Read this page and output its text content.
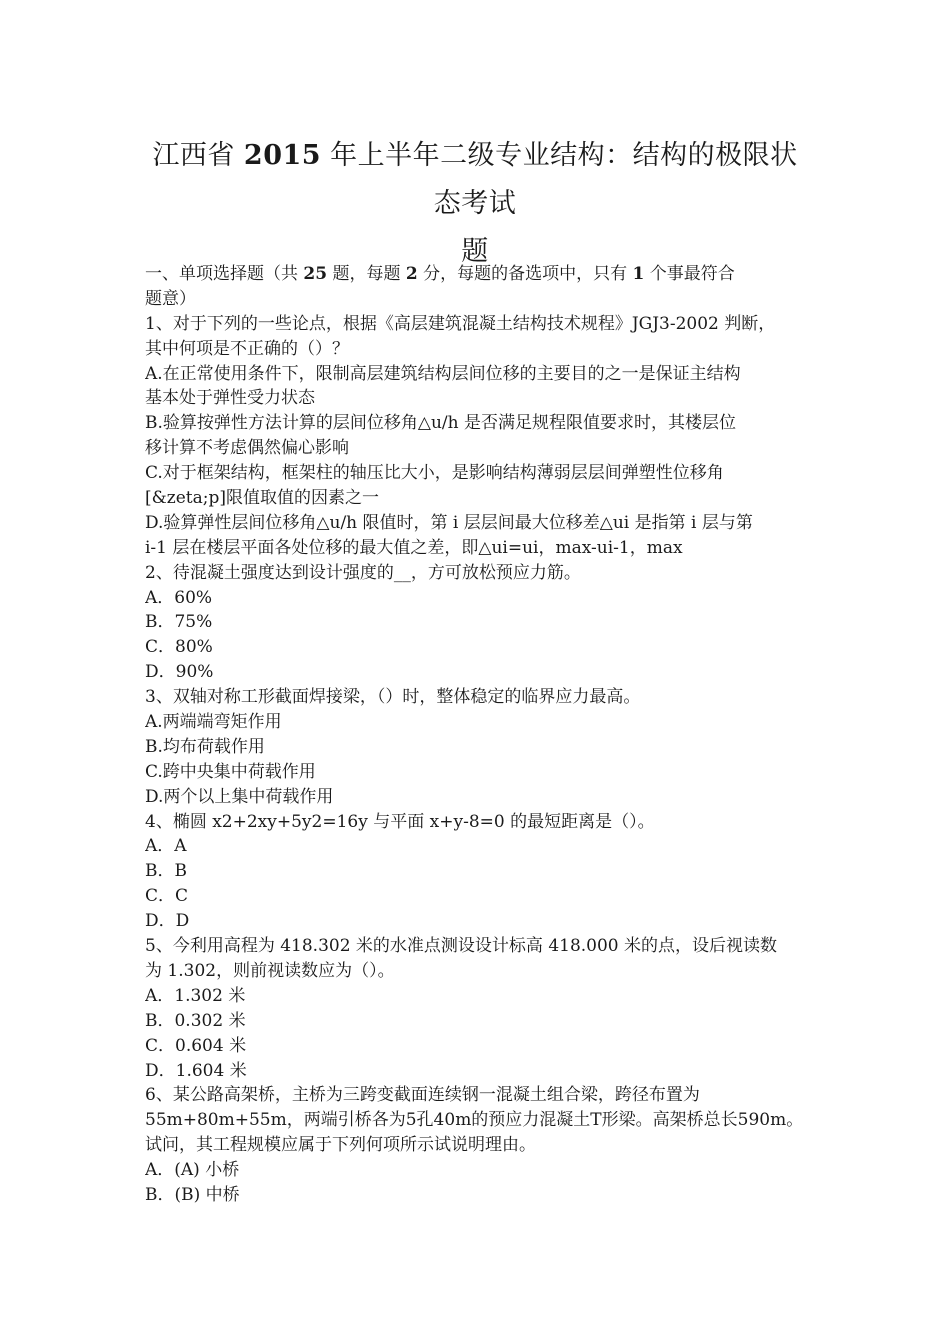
江西省 2015 年上半年二级专业结构：结构的极限状态考试
题
一、单项选择题（共 25 题，每题 2 分，每题的备选项中，只有 1 个事最符合
题意）
1、对于下列的一些论点，根据《高层建筑混凝土结构技术规程》JGJ3-2002 判断，
其中何项是不正确的（）？
A.在正常使用条件下，限制高层建筑结构层间位移的主要目的之一是保证主结构
基本处于弹性受力状态
B.验算按弹性方法计算的层间位移角△u/h 是否满足规程限值要求时，其楼层位
移计算不考虑偶然偏心影响
C.对于框架结构，框架柱的轴压比大小，是影响结构薄弱层层间弹塑性位移角
[&zeta;p]限值取值的因素之一
D.验算弹性层间位移角△u/h 限值时，第 i 层层间最大位移差△ui 是指第 i 层与第
i-1 层在楼层平面各处位移的最大值之差，即△ui=ui，max-ui-1，max
2、待混凝土强度达到设计强度的__，方可放松预应力筋。
A．60%
B．75%
C．80%
D．90%
3、双轴对称工形截面焊接梁，（）时，整体稳定的临界应力最高。
A.两端端弯矩作用
B.均布荷载作用
C.跨中央集中荷载作用
D.两个以上集中荷载作用
4、椭圆 x2+2xy+5y2=16y 与平面 x+y-8=0 的最短距离是（）。
A．A
B．B
C．C
D．D
5、今利用高程为 418.302 米的水准点测设设计标高 418.000 米的点，设后视读数
为 1.302，则前视读数应为（）。
A．1.302 米
B．0.302 米
C．0.604 米
D．1.604 米
6、某公路高架桥，主桥为三跨变截面连续钢一混凝土组合梁，跨径布置为
55m+80m+55m，两端引桥各为5孔40m的预应力混凝土T形梁。高架桥总长590m。
试问，其工程规模应属于下列何项所示试说明理由。
A．(A) 小桥
B．(B) 中桥
